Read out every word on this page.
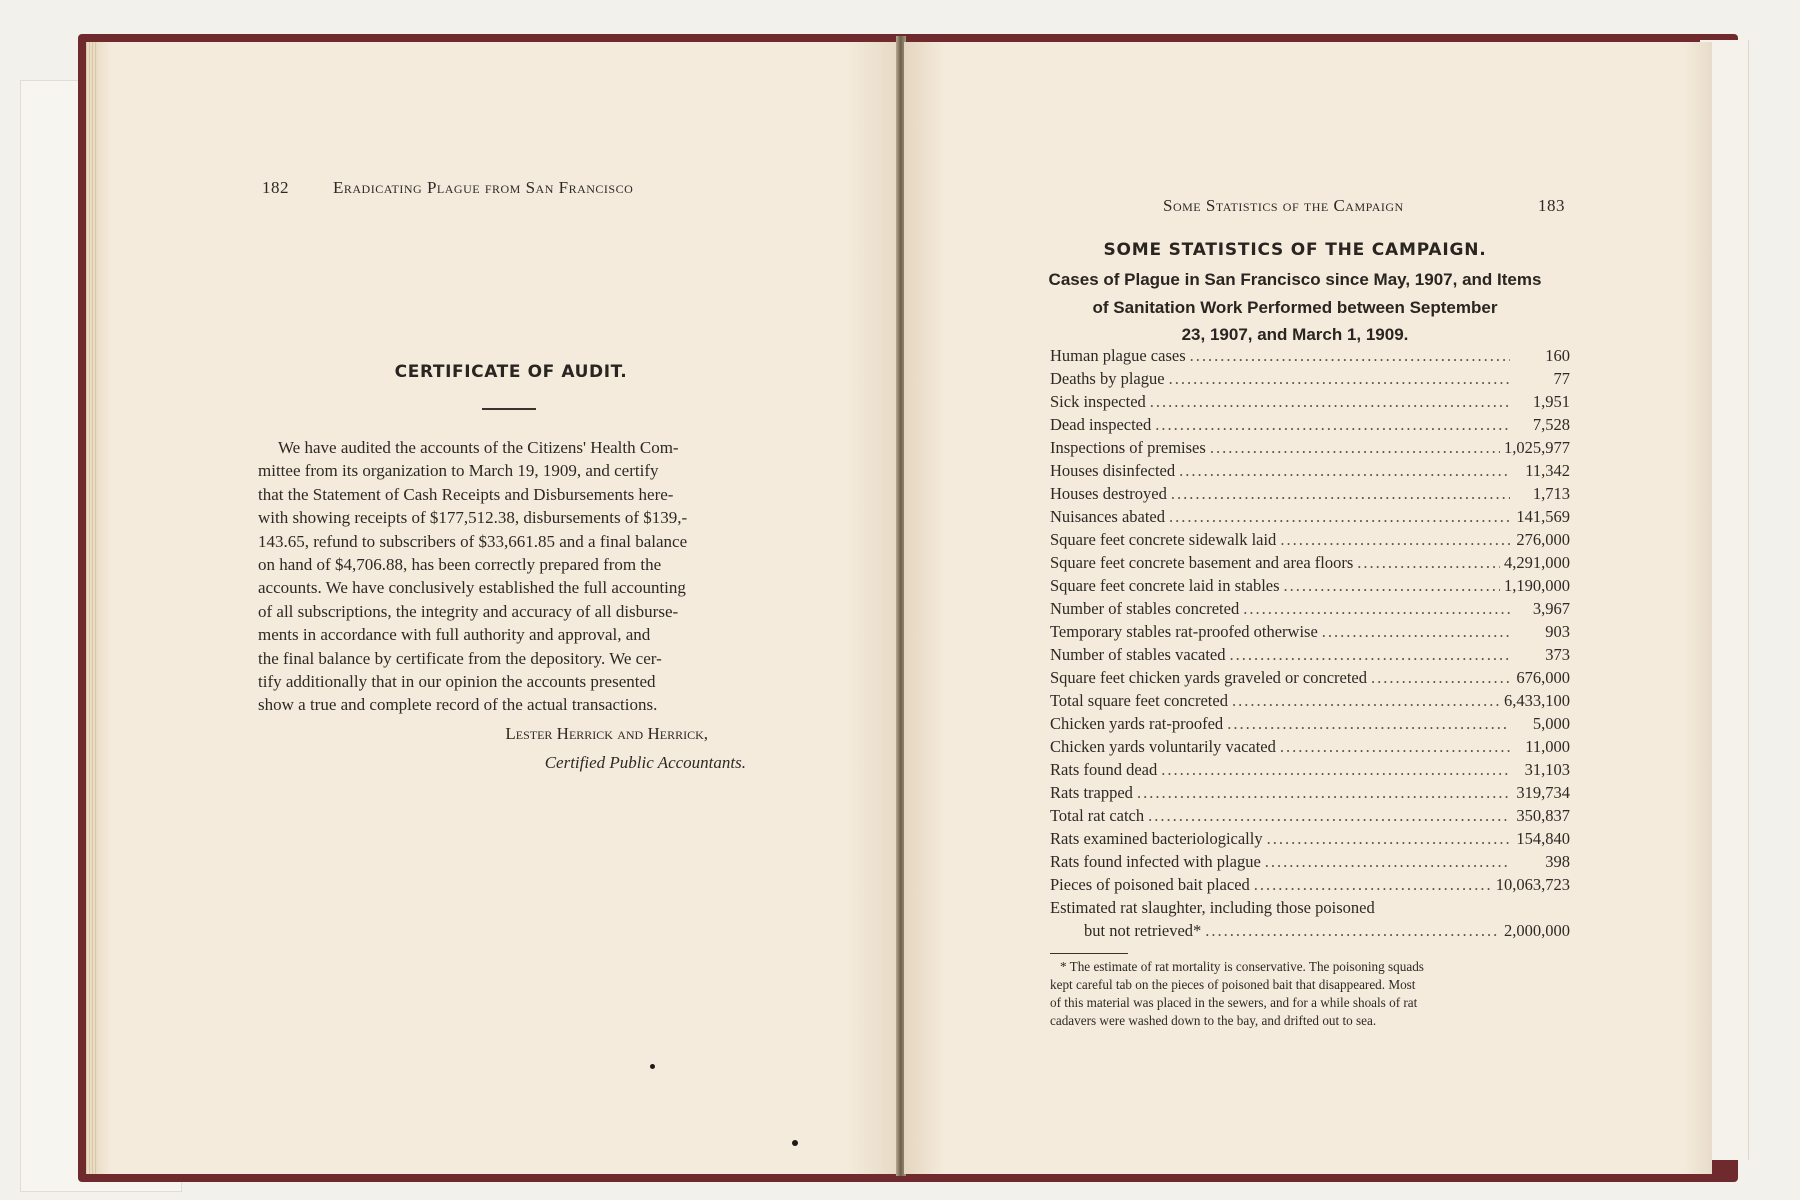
182	Eradicating Plague from San Francisco
CERTIFICATE OF AUDIT.
We have audited the accounts of the Citizens' Health Com-
mittee from its organization to March 19, 1909, and certify
that the Statement of Cash Receipts and Disbursements here-
with showing receipts of $177,512.38, disbursements of $139,-
143.65, refund to subscribers of $33,661.85 and a final balance
on hand of $4,706.88, has been correctly prepared from the
accounts. We have conclusively established the full accounting
of all subscriptions, the integrity and accuracy of all disburse-
ments in accordance with full authority and approval, and
the final balance by certificate from the depository. We cer-
tify additionally that in our opinion the accounts presented
show a true and complete record of the actual transactions.
Lester Herrick and Herrick,
Certified Public Accountants.
Some Statistics of the Campaign	183
SOME STATISTICS OF THE CAMPAIGN.
Cases of Plague in San Francisco since May, 1907, and Items
of Sanitation Work Performed between September
23, 1907, and March 1, 1909.
Human plague cases .....	160
Deaths by plague .....	77
Sick inspected .....	1,951
Dead inspected .....	7,528
Inspections of premises .....	1,025,977
Houses disinfected .....	11,342
Houses destroyed .....	1,713
Nuisances abated .....	141,569
Square feet concrete sidewalk laid .....	276,000
Square feet concrete basement and area floors .....	4,291,000
Square feet concrete laid in stables .....	1,190,000
Number of stables concreted .....	3,967
Temporary stables rat-proofed otherwise .....	903
Number of stables vacated .....	373
Square feet chicken yards graveled or concreted .....	676,000
Total square feet concreted .....	6,433,100
Chicken yards rat-proofed .....	5,000
Chicken yards voluntarily vacated .....	11,000
Rats found dead .....	31,103
Rats trapped .....	319,734
Total rat catch .....	350,837
Rats examined bacteriologically .....	154,840
Rats found infected with plague .....	398
Pieces of poisoned bait placed .....	10,063,723
Estimated rat slaughter, including those poisoned
but not retrieved* .....	2,000,000
* The estimate of rat mortality is conservative. The poisoning squads
kept careful tab on the pieces of poisoned bait that disappeared. Most
of this material was placed in the sewers, and for a while shoals of rat
cadavers were washed down to the bay, and drifted out to sea.
